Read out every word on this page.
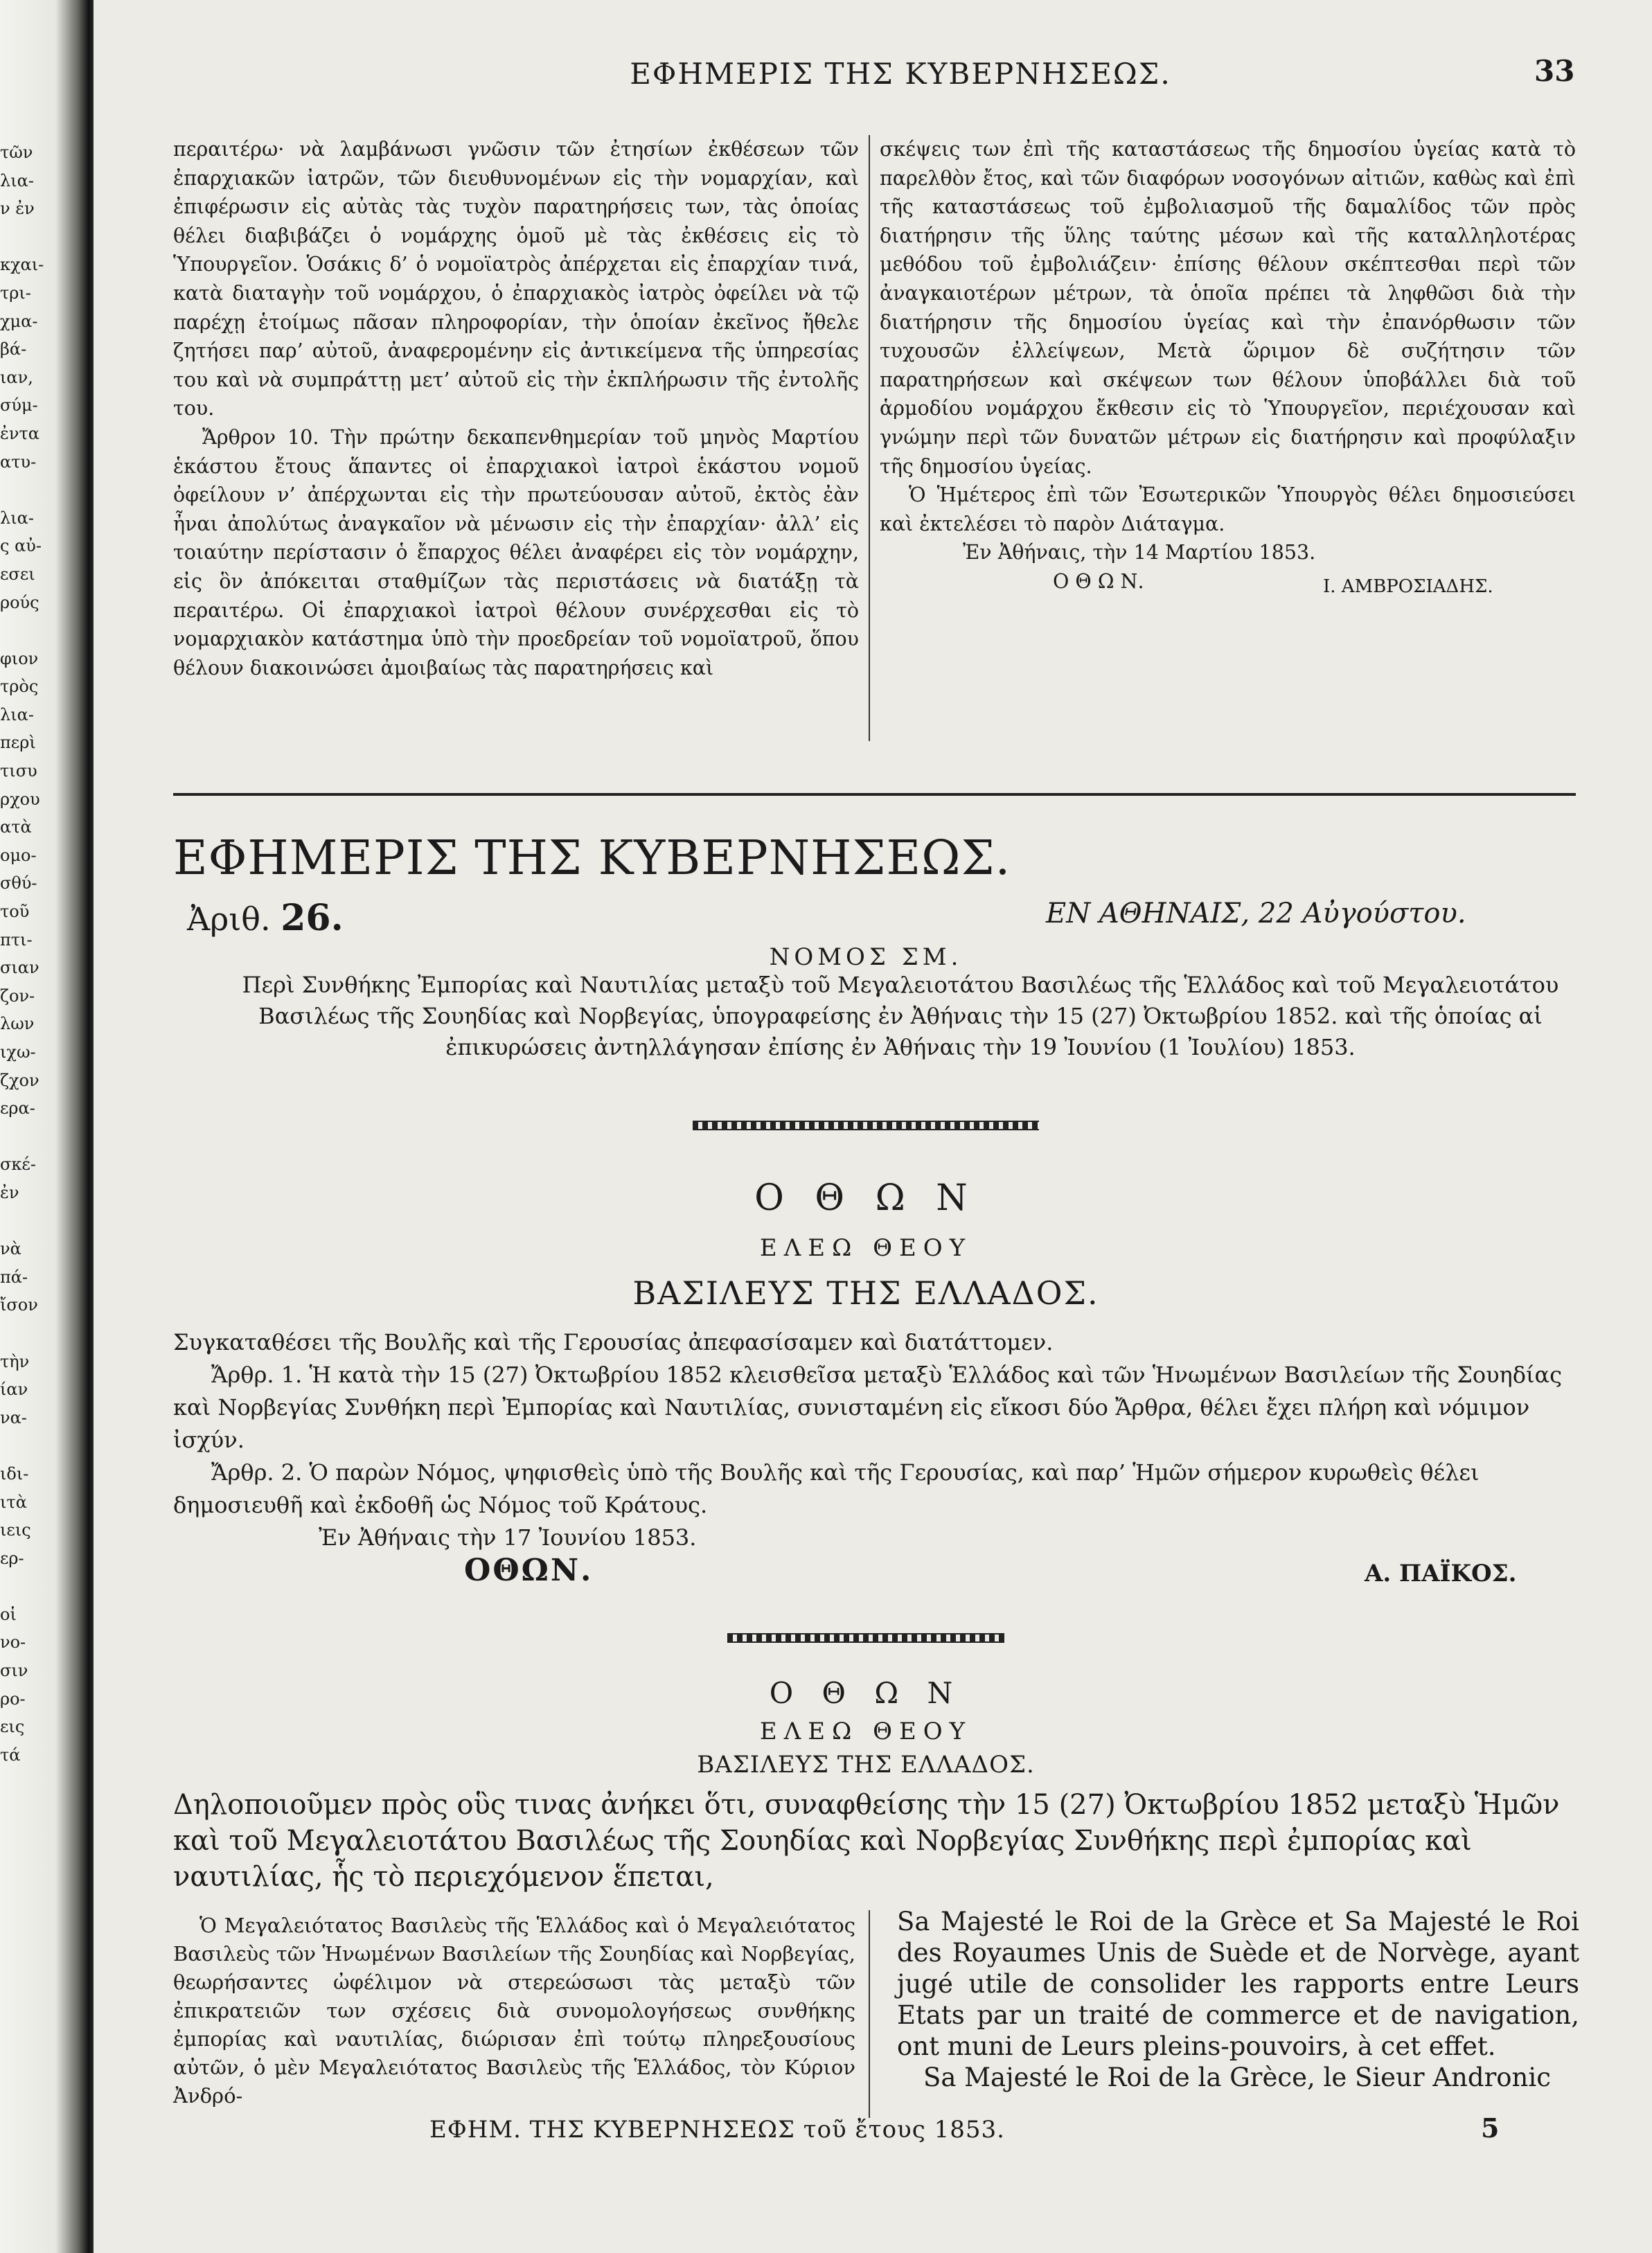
τῶν
λια-
ν ἐν
κχαι-
τρι-
χμα-
βά-
ιαν,
σύμ-
ἐντα
ατυ-
λια-
ς αὐ-
εσει
ρούς
φιον
τρὸς
λια-
περὶ
τισυ
ρχου
ατὰ
ομο-
σθύ-
τοῦ
πτι-
σιαν
ζον-
λων
ιχω-
ζχον
ερα-
σκέ-
ἐν
νὰ
πά-
ἴσον
τὴν
ίαν
να-
ιδι-
ιτὰ
ιεις
ερ-
οἱ
νο-
σιν
ρο-
εις
τά
ΕΦΗΜΕΡΙΣ ΤΗΣ ΚΥΒΕΡΝΗΣΕΩΣ.	33

περαιτέρω· νὰ λαμβάνωσι γνῶσιν τῶν ἐτησίων ἐκθέσεων τῶν ἐπαρχιακῶν ἰατρῶν, τῶν διευθυνομένων εἰς τὴν νομαρχίαν, καὶ ἐπιφέρωσιν εἰς αὐτὰς τὰς τυχὸν παρατηρήσεις των, τὰς ὁποίας θέλει διαβιβάζει ὁ νομάρχης ὁμοῦ μὲ τὰς ἐκθέσεις εἰς τὸ Ὑπουργεῖον. Ὁσάκις δ’ ὁ νομοϊατρὸς ἀπέρχεται εἰς ἐπαρχίαν τινά, κατὰ διαταγὴν τοῦ νομάρχου, ὁ ἐπαρχιακὸς ἰατρὸς ὀφείλει νὰ τῷ παρέχῃ ἑτοίμως πᾶσαν πληροφορίαν, τὴν ὁποίαν ἐκεῖνος ἤθελε ζητήσει παρ’ αὐτοῦ, ἀναφερομένην εἰς ἀντικείμενα τῆς ὑπηρεσίας του καὶ νὰ συμπράττῃ μετ’ αὐτοῦ εἰς τὴν ἐκπλήρωσιν τῆς ἐντολῆς του.

Ἄρθρον 10. Τὴν πρώτην δεκαπενθημερίαν τοῦ μηνὸς Μαρτίου ἑκάστου ἔτους ἅπαντες οἱ ἐπαρχιακοὶ ἰατροὶ ἑκάστου νομοῦ ὀφείλουν ν’ ἀπέρχωνται εἰς τὴν πρωτεύουσαν αὐτοῦ, ἐκτὸς ἐὰν ἦναι ἀπολύτως ἀναγκαῖον νὰ μένωσιν εἰς τὴν ἐπαρχίαν· ἀλλ’ εἰς τοιαύτην περίστασιν ὁ ἔπαρχος θέλει ἀναφέρει εἰς τὸν νομάρχην, εἰς ὃν ἀπόκειται σταθμίζων τὰς περιστάσεις νὰ διατάξῃ τὰ περαιτέρω. Οἱ ἐπαρχιακοὶ ἰατροὶ θέλουν συνέρχεσθαι εἰς τὸ νομαρχιακὸν κατάστημα ὑπὸ τὴν προεδρείαν τοῦ νομοϊατροῦ, ὅπου θέλουν διακοινώσει ἀμοιβαίως τὰς παρατηρήσεις καὶ

σκέψεις των ἐπὶ τῆς καταστάσεως τῆς δημοσίου ὑγείας κατὰ τὸ παρελθὸν ἔτος, καὶ τῶν διαφόρων νοσογόνων αἰτιῶν, καθὼς καὶ ἐπὶ τῆς καταστάσεως τοῦ ἐμβολιασμοῦ τῆς δαμαλίδος τῶν πρὸς διατήρησιν τῆς ὕλης ταύτης μέσων καὶ τῆς καταλληλοτέρας μεθόδου τοῦ ἐμβολιάζειν· ἐπίσης θέλουν σκέπτεσθαι περὶ τῶν ἀναγκαιοτέρων μέτρων, τὰ ὁποῖα πρέπει τὰ ληφθῶσι διὰ τὴν διατήρησιν τῆς δημοσίου ὑγείας καὶ τὴν ἐπανόρθωσιν τῶν τυχουσῶν ἐλλείψεων, Μετὰ ὥριμον δὲ συζήτησιν τῶν παρατηρήσεων καὶ σκέψεων των θέλουν ὑποβάλλει διὰ τοῦ ἁρμοδίου νομάρχου ἔκθεσιν εἰς τὸ Ὑπουργεῖον, περιέχουσαν καὶ γνώμην περὶ τῶν δυνατῶν μέτρων εἰς διατήρησιν καὶ προφύλαξιν τῆς δημοσίου ὑγείας.

Ὁ Ἡμέτερος ἐπὶ τῶν Ἐσωτερικῶν Ὑπουργὸς θέλει δημοσιεύσει καὶ ἐκτελέσει τὸ παρὸν Διάταγμα.

Ἐν Ἀθήναις, τὴν 14 Μαρτίου 1853.

Ο Θ Ω Ν.	Ι. ΑΜΒΡΟΣΙΑΔΗΣ.
ΕΦΗΜΕΡΙΣ ΤΗΣ ΚΥΒΕΡΝΗΣΕΩΣ.
Ἀριθ. 26.	ΕΝ ΑΘΗΝΑΙΣ, 22 Αὐγούστου.
ΝΟΜΟΣ ΣΜ.
Περὶ Συνθήκης Ἐμπορίας καὶ Ναυτιλίας μεταξὺ τοῦ Μεγαλειοτάτου Βασιλέως τῆς Ἑλλάδος καὶ τοῦ Μεγαλειοτάτου Βασιλέως τῆς Σουηδίας καὶ Νορβεγίας, ὑπογραφείσης ἐν Ἀθήναις τὴν 15 (27) Ὀκτωβρίου 1852. καὶ τῆς ὁποίας αἱ ἐπικυρώσεις ἀντηλλάγησαν ἐπίσης ἐν Ἀθήναις τὴν 19 Ἰουνίου (1 Ἰουλίου) 1853.
Ο Θ Ω Ν
ΕΛΕΩ ΘΕΟΥ
ΒΑΣΙΛΕΥΣ ΤΗΣ ΕΛΛΑΔΟΣ.

Συγκαταθέσει τῆς Βουλῆς καὶ τῆς Γερουσίας ἀπεφασίσαμεν καὶ διατάττομεν.

Ἄρθρ. 1. Ἡ κατὰ τὴν 15 (27) Ὀκτωβρίου 1852 κλεισθεῖσα μεταξὺ Ἑλλάδος καὶ τῶν Ἡνωμένων Βασιλείων τῆς Σουηδίας καὶ Νορβεγίας Συνθήκη περὶ Ἐμπορίας καὶ Ναυτιλίας, συνισταμένη εἰς εἴκοσι δύο Ἄρθρα, θέλει ἔχει πλήρη καὶ νόμιμον ἰσχύν.

Ἄρθρ. 2. Ὁ παρὼν Νόμος, ψηφισθεὶς ὑπὸ τῆς Βουλῆς καὶ τῆς Γερουσίας, καὶ παρ’ Ἡμῶν σήμερον κυρωθεὶς θέλει δημοσιευθῆ καὶ ἐκδοθῆ ὡς Νόμος τοῦ Κράτους.

Ἐν Ἀθήναις τὴν 17 Ἰουνίου 1853.

ΟΘΩΝ.	Α. ΠΑΪΚΟΣ.
Ο Θ Ω Ν
ΕΛΕΩ ΘΕΟΥ
ΒΑΣΙΛΕΥΣ ΤΗΣ ΕΛΛΑΔΟΣ.
Δηλοποιοῦμεν πρὸς οὓς τινας ἀνήκει ὅτι, συναφθείσης τὴν 15 (27) Ὀκτωβρίου 1852 μεταξὺ Ἡμῶν καὶ τοῦ Μεγαλειοτάτου Βασιλέως τῆς Σουηδίας καὶ Νορβεγίας Συνθήκης περὶ ἐμπορίας καὶ ναυτιλίας, ἧς τὸ περιεχόμενον ἕπεται,

Ὁ Μεγαλειότατος Βασιλεὺς τῆς Ἑλλάδος καὶ ὁ Μεγαλειότατος Βασιλεὺς τῶν Ἡνωμένων Βασιλείων τῆς Σουηδίας καὶ Νορβεγίας, θεωρήσαντες ὠφέλιμον νὰ στερεώσωσι τὰς μεταξὺ τῶν ἐπικρατειῶν των σχέσεις διὰ συνομολογήσεως συνθήκης ἐμπορίας καὶ ναυτιλίας, διώρισαν ἐπὶ τούτῳ πληρεξουσίους αὐτῶν, ὁ μὲν Μεγαλειότατος Βασιλεὺς τῆς Ἑλλάδος, τὸν Κύριον Ἀνδρό-

Sa Majesté le Roi de la Grèce et Sa Majesté le Roi des Royaumes Unis de Suède et de Norvège, ayant jugé utile de consolider les rapports entre Leurs Etats par un traité de commerce et de navigation, ont muni de Leurs pleins-pouvoirs, à cet effet.

Sa Majesté le Roi de la Grèce, le Sieur Andronic

ΕΦΗΜ. ΤΗΣ ΚΥΒΕΡΝΗΣΕΩΣ τοῦ ἔτους 1853.	5
